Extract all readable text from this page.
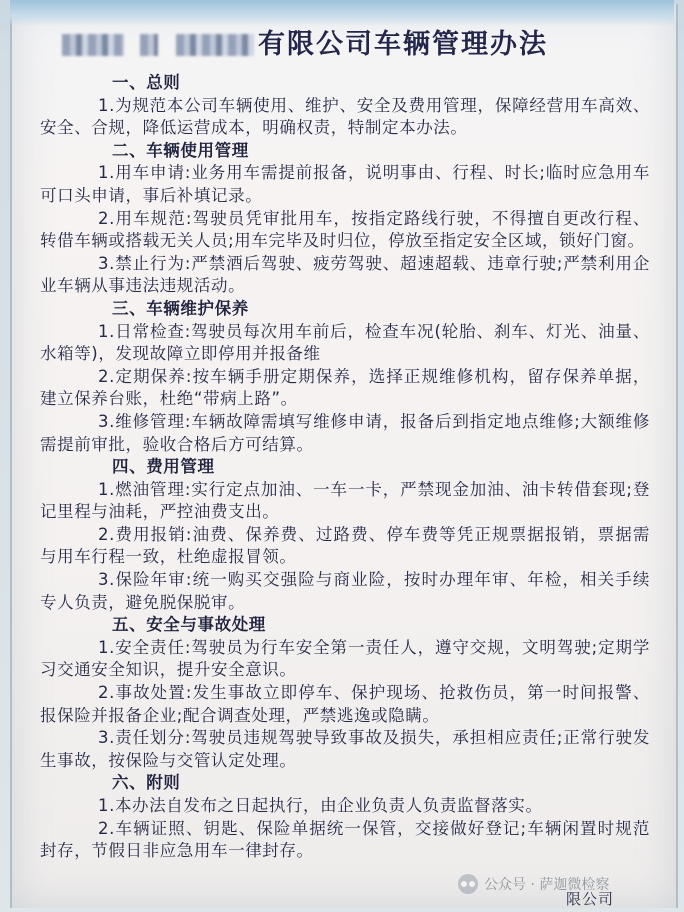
有限公司车辆管理办法
一、总则
1.为规范本公司车辆使用、维护、安全及费用管理，保障经营用车高效、安全、合规，降低运营成本，明确权责，特制定本办法。
二、车辆使用管理
1.用车申请:业务用车需提前报备，说明事由、行程、时长;临时应急用车可口头申请，事后补填记录。
2.用车规范:驾驶员凭审批用车，按指定路线行驶，不得擅自更改行程、转借车辆或搭载无关人员;用车完毕及时归位，停放至指定安全区域，锁好门窗。
3.禁止行为:严禁酒后驾驶、疲劳驾驶、超速超载、违章行驶;严禁利用企业车辆从事违法违规活动。
三、车辆维护保养
1.日常检查:驾驶员每次用车前后，检查车况(轮胎、刹车、灯光、油量、水箱等)，发现故障立即停用并报备维
2.定期保养:按车辆手册定期保养，选择正规维修机构，留存保养单据，建立保养台账，杜绝“带病上路”。
3.维修管理:车辆故障需填写维修申请，报备后到指定地点维修;大额维修需提前审批，验收合格后方可结算。
四、费用管理
1.燃油管理:实行定点加油、一车一卡，严禁现金加油、油卡转借套现;登记里程与油耗，严控油费支出。
2.费用报销:油费、保养费、过路费、停车费等凭正规票据报销，票据需与用车行程一致，杜绝虚报冒领。
3.保险年审:统一购买交强险与商业险，按时办理年审、年检，相关手续专人负责，避免脱保脱审。
五、安全与事故处理
1.安全责任:驾驶员为行车安全第一责任人，遵守交规，文明驾驶;定期学习交通安全知识，提升安全意识。
2.事故处置:发生事故立即停车、保护现场、抢救伤员，第一时间报警、报保险并报备企业;配合调查处理，严禁逃逸或隐瞒。
3.责任划分:驾驶员违规驾驶导致事故及损失，承担相应责任;正常行驶发生事故，按保险与交管认定处理。
六、附则
1.本办法自发布之日起执行，由企业负责人负责监督落实。
2.车辆证照、钥匙、保险单据统一保管，交接做好登记;车辆闲置时规范封存，节假日非应急用车一律封存。
公众号 · 萨迦微检察
限公司
